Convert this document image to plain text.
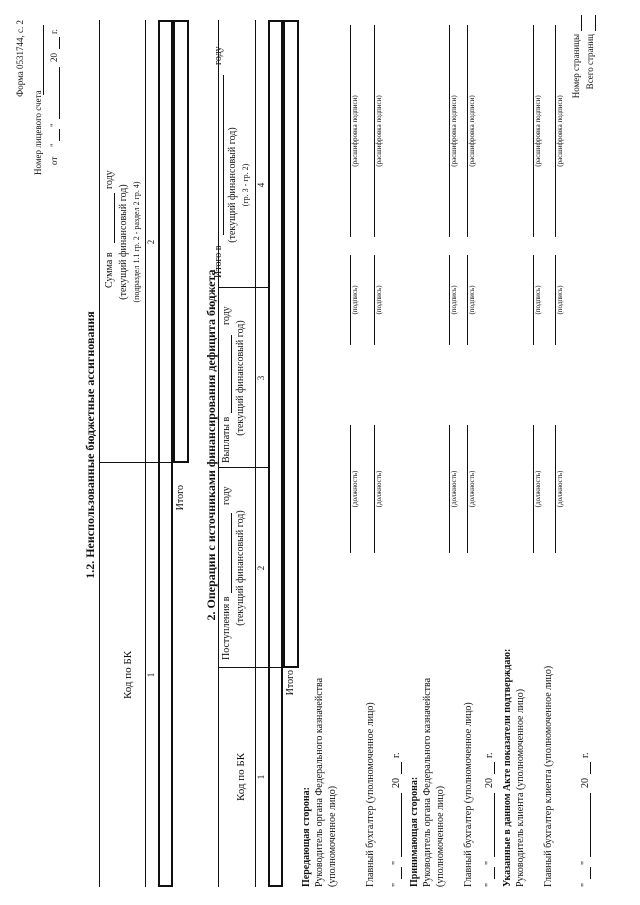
Форма 0531744, с. 2
Номер лицевого счета от
"
"
20
г.
1.2. Неиспользованные бюджетные ассигнования
Код по БК
Сумма в
году
(текущий финансовый год) (подраздел 1.1 гр. 2 - раздел 2 гр. 4)
1
2
Итого 2. Операции с источниками финансирования дефицита бюджета
Код по БК
Поступления в
году
(текущий финансовый год)
Выплаты в
году
(текущий финансовый год)
Итого в
году
(текущий финансовый год) (гр. 3 - гр. 2)
1
2
3
4
Итого
Передающая сторона: Руководитель органа Федерального казначейства (уполномоченное лицо)
(должность)
(подпись)
(расшифровка подписи)
Главный бухгалтер (уполномоченное лицо)
(должность)
(подпись)
(расшифровка подписи)
"
"
20
г.
Принимающая сторона: Руководитель органа Федерального казначейства (уполномоченное лицо)
(должность)
(подпись)
(расшифровка подписи)
Главный бухгалтер (уполномоченное лицо)
(должность)
(подпись)
(расшифровка подписи)
"
"
20
г. Указанные в данном Акте показатели подтверждаю: Руководитель клиента (уполномоченное лицо)
(должность)
(подпись)
(расшифровка подписи)
Главный бухгалтер клиента (уполномоченное лицо)
(должность)
(подпись)
(расшифровка подписи)
"
"
20
г.
Номер страницы Всего страниц
